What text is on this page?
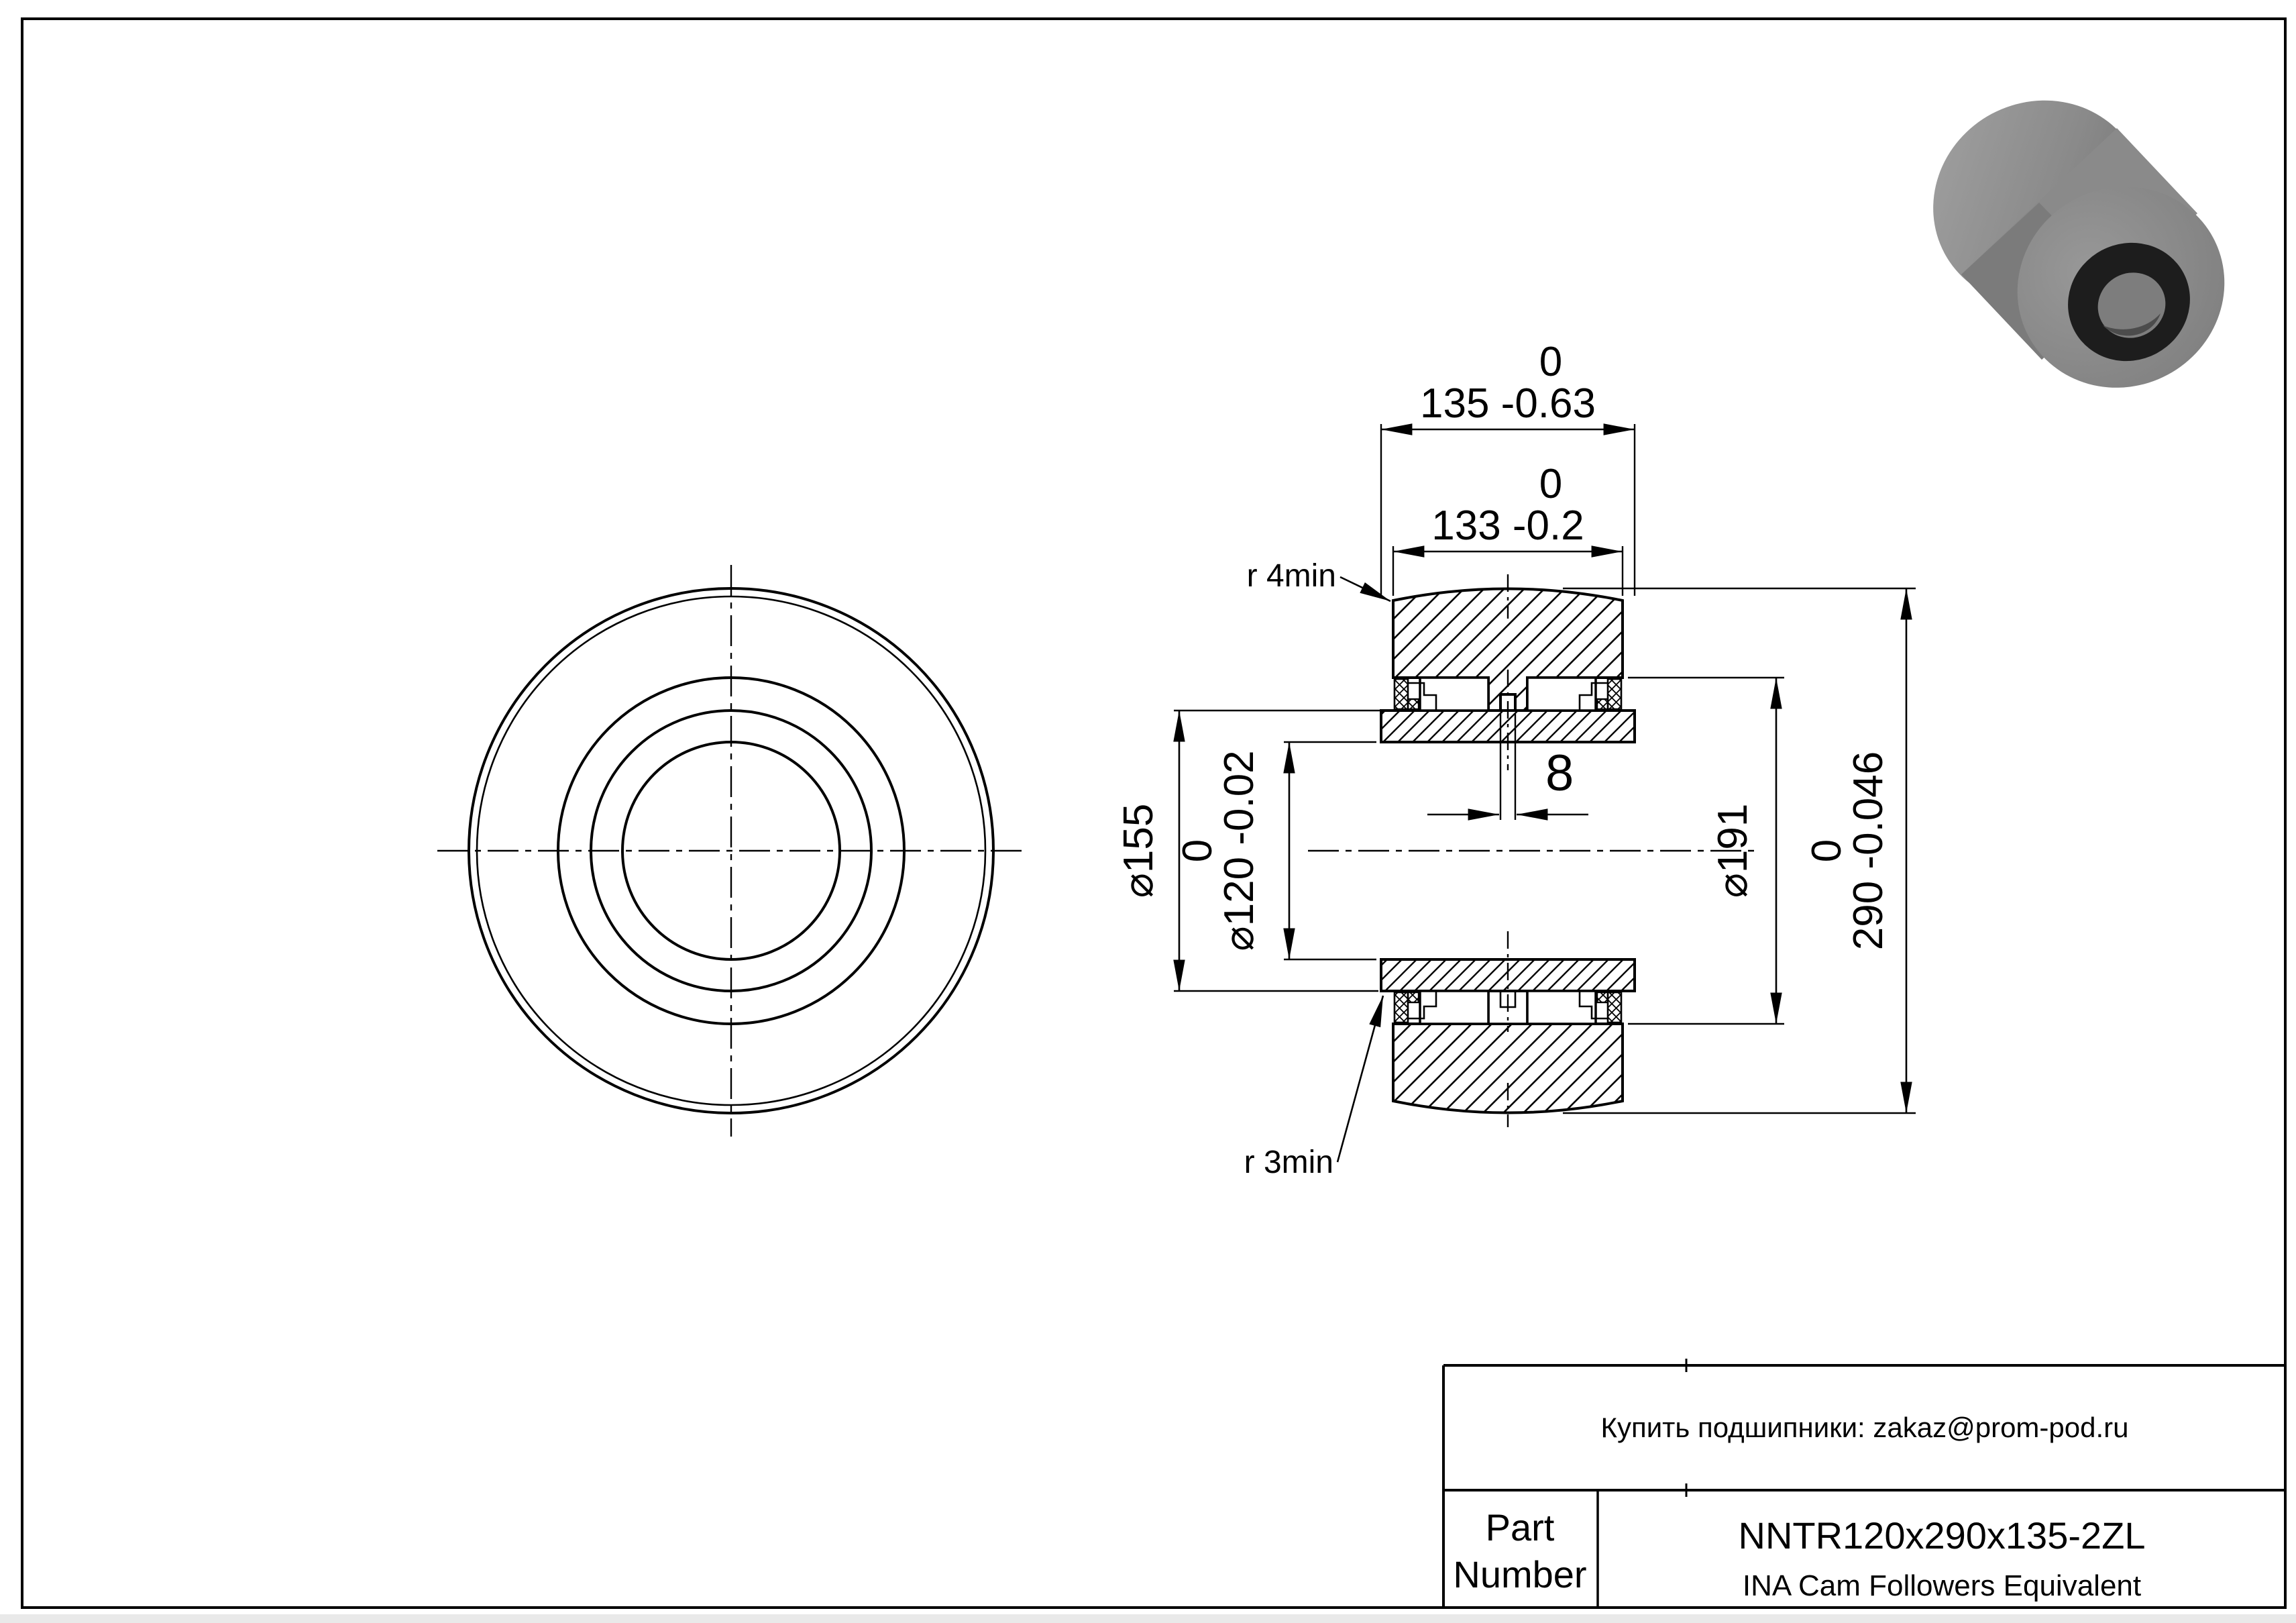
0
135 -0.63
0
133 -0.2
r 4min
r 3min
⌀155 0
⌀120 -0.02	⌀191 0
290 -0.046
8
Купить подшипники: zakaz@prom-pod.ru
Part
Number
NNTR120x290x135-2ZL
INA Cam Followers Equivalent
